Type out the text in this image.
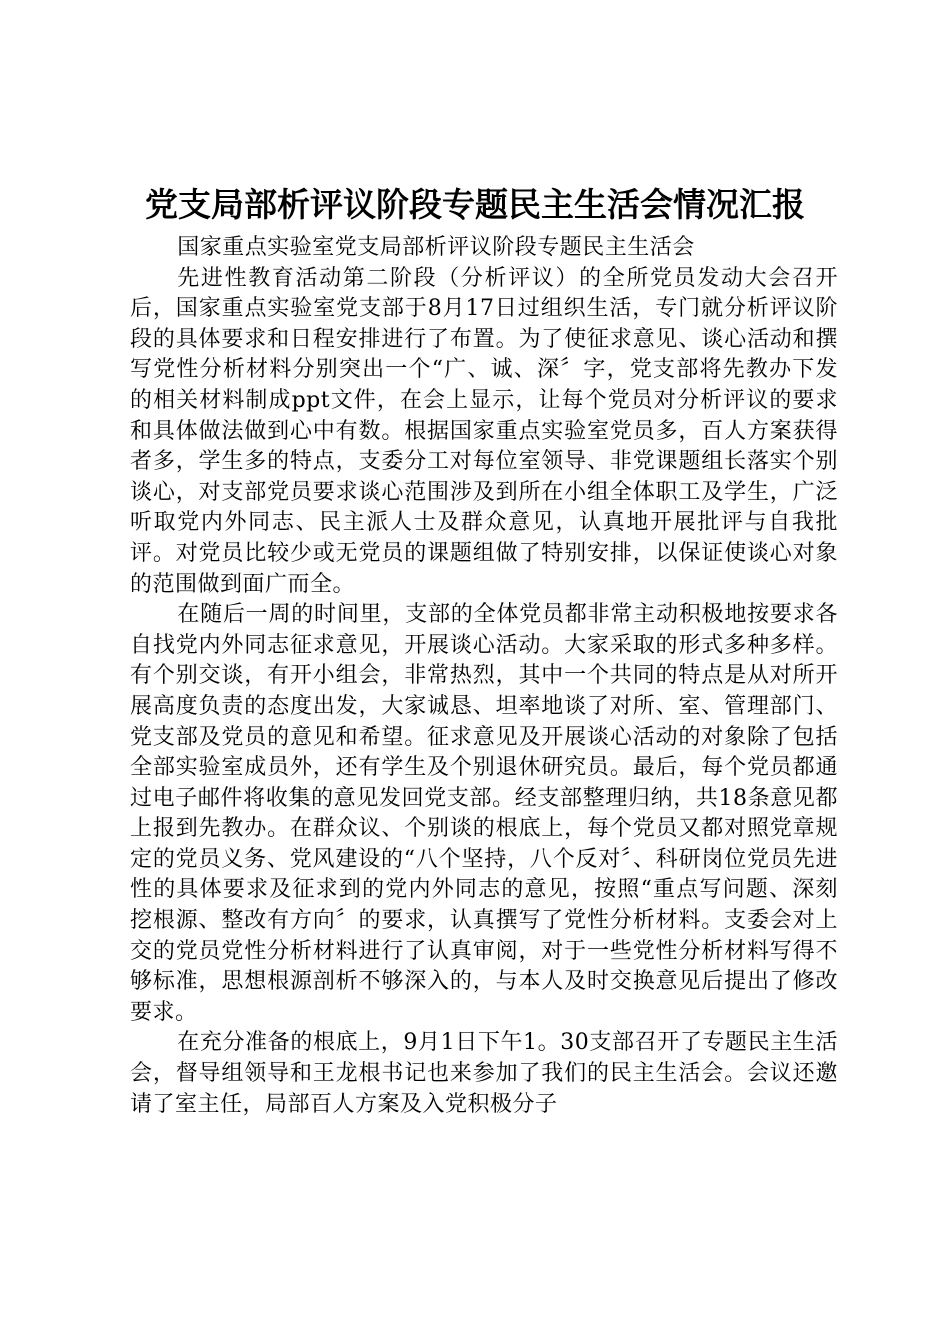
党支局部析评议阶段专题民主生活会情况汇报

国家重点实验室党支局部析评议阶段专题民主生活会

先进性教育活动第二阶段（分析评议）的全所党员发动大会召开后，国家重点实验室党支部于8月17日过组织生活，专门就分析评议阶段的具体要求和日程安排进行了布置。为了使征求意见、谈心活动和撰写党性分析材料分别突出一个“广、诚、深〞字，党支部将先教办下发的相关材料制成ppt文件，在会上显示，让每个党员对分析评议的要求和具体做法做到心中有数。根据国家重点实验室党员多，百人方案获得者多，学生多的特点，支委分工对每位室领导、非党课题组长落实个别谈心，对支部党员要求谈心范围涉及到所在小组全体职工及学生，广泛听取党内外同志、民主派人士及群众意见，认真地开展批评与自我批评。对党员比较少或无党员的课题组做了特别安排，以保证使谈心对象的范围做到面广而全。

在随后一周的时间里，支部的全体党员都非常主动积极地按要求各自找党内外同志征求意见，开展谈心活动。大家采取的形式多种多样。有个别交谈，有开小组会，非常热烈，其中一个共同的特点是从对所开展高度负责的态度出发，大家诚恳、坦率地谈了对所、室、管理部门、党支部及党员的意见和希望。征求意见及开展谈心活动的对象除了包括全部实验室成员外，还有学生及个别退休研究员。最后，每个党员都通过电子邮件将收集的意见发回党支部。经支部整理归纳，共18条意见都上报到先教办。在群众议、个别谈的根底上，每个党员又都对照党章规定的党员义务、党风建设的“八个坚持，八个反对〞、科研岗位党员先进性的具体要求及征求到的党内外同志的意见，按照“重点写问题、深刻挖根源、整改有方向〞的要求，认真撰写了党性分析材料。支委会对上交的党员党性分析材料进行了认真审阅，对于一些党性分析材料写得不够标准，思想根源剖析不够深入的，与本人及时交换意见后提出了修改要求。

在充分准备的根底上，9月1日下午1。30支部召开了专题民主生活会，督导组领导和王龙根书记也来参加了我们的民主生活会。会议还邀请了室主任，局部百人方案及入党积极分子
